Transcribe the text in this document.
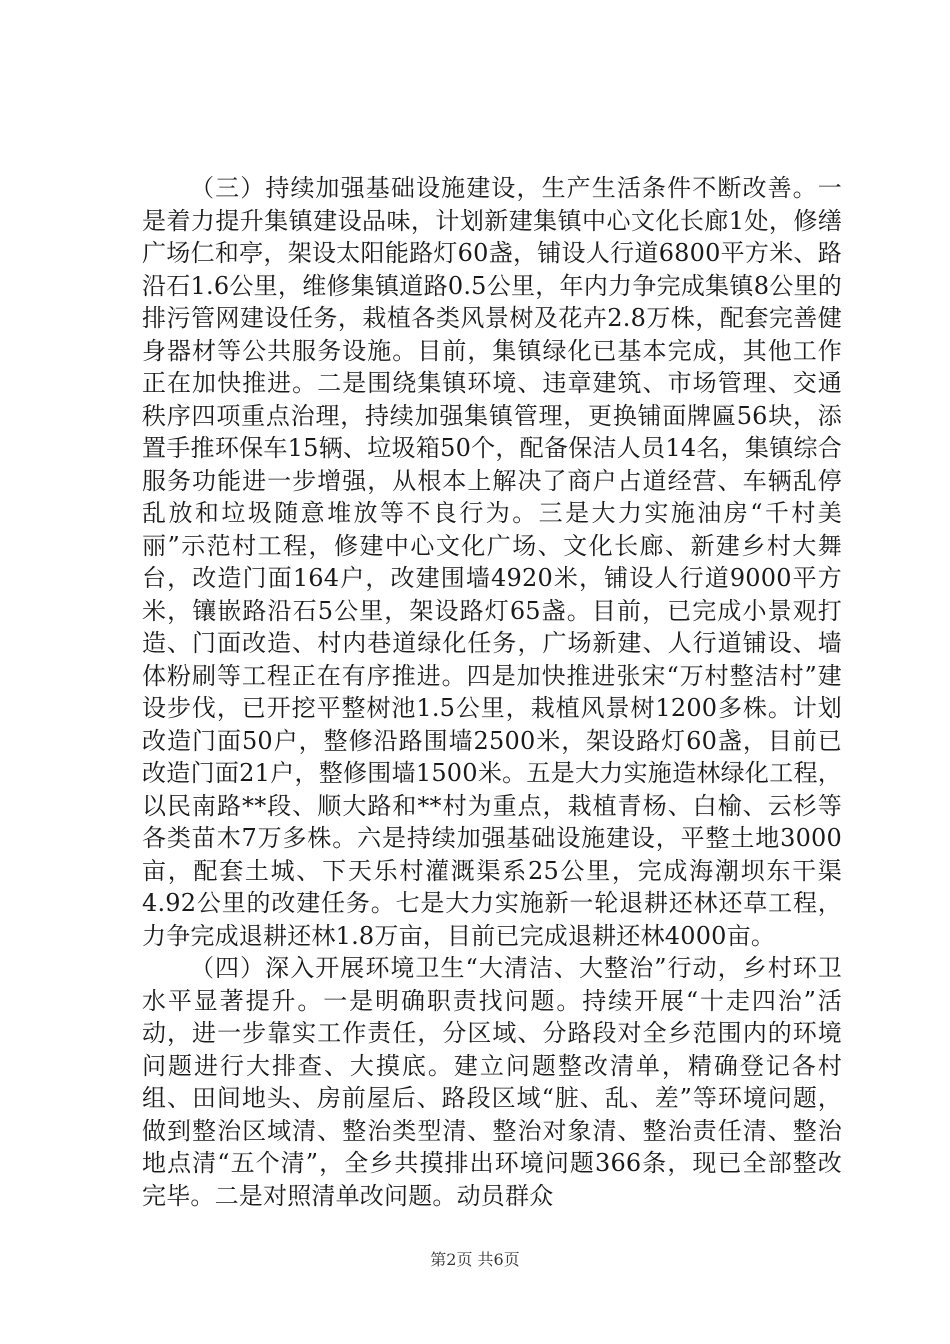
（三）持续加强基础设施建设，生产生活条件不断改善。一是着力提升集镇建设品味，计划新建集镇中心文化长廊1处，修缮广场仁和亭，架设太阳能路灯60盏，铺设人行道6800平方米、路沿石1.6公里，维修集镇道路0.5公里，年内力争完成集镇8公里的排污管网建设任务，栽植各类风景树及花卉2.8万株，配套完善健身器材等公共服务设施。目前，集镇绿化已基本完成，其他工作正在加快推进。二是围绕集镇环境、违章建筑、市场管理、交通秩序四项重点治理，持续加强集镇管理，更换铺面牌匾56块，添置手推环保车15辆、垃圾箱50个，配备保洁人员14名，集镇综合服务功能进一步增强，从根本上解决了商户占道经营、车辆乱停乱放和垃圾随意堆放等不良行为。三是大力实施油房“千村美丽”示范村工程，修建中心文化广场、文化长廊、新建乡村大舞台，改造门面164户，改建围墙4920米，铺设人行道9000平方米，镶嵌路沿石5公里，架设路灯65盏。目前，已完成小景观打造、门面改造、村内巷道绿化任务，广场新建、人行道铺设、墙体粉刷等工程正在有序推进。四是加快推进张宋“万村整洁村”建设步伐，已开挖平整树池1.5公里，栽植风景树1200多株。计划改造门面50户，整修沿路围墙2500米，架设路灯60盏，目前已改造门面21户，整修围墙1500米。五是大力实施造林绿化工程，以民南路**段、顺大路和**村为重点，栽植青杨、白榆、云杉等各类苗木7万多株。六是持续加强基础设施建设，平整土地3000亩，配套土城、下天乐村灌溉渠系25公里，完成海潮坝东干渠4.92公里的改建任务。七是大力实施新一轮退耕还林还草工程，力争完成退耕还林1.8万亩，目前已完成退耕还林4000亩。

（四）深入开展环境卫生“大清洁、大整治”行动，乡村环卫水平显著提升。一是明确职责找问题。持续开展“十走四治”活动，进一步靠实工作责任，分区域、分路段对全乡范围内的环境问题进行大排查、大摸底。建立问题整改清单，精确登记各村组、田间地头、房前屋后、路段区域“脏、乱、差”等环境问题，做到整治区域清、整治类型清、整治对象清、整治责任清、整治地点清“五个清”，全乡共摸排出环境问题366条，现已全部整改完毕。二是对照清单改问题。动员群众

第2页 共6页
